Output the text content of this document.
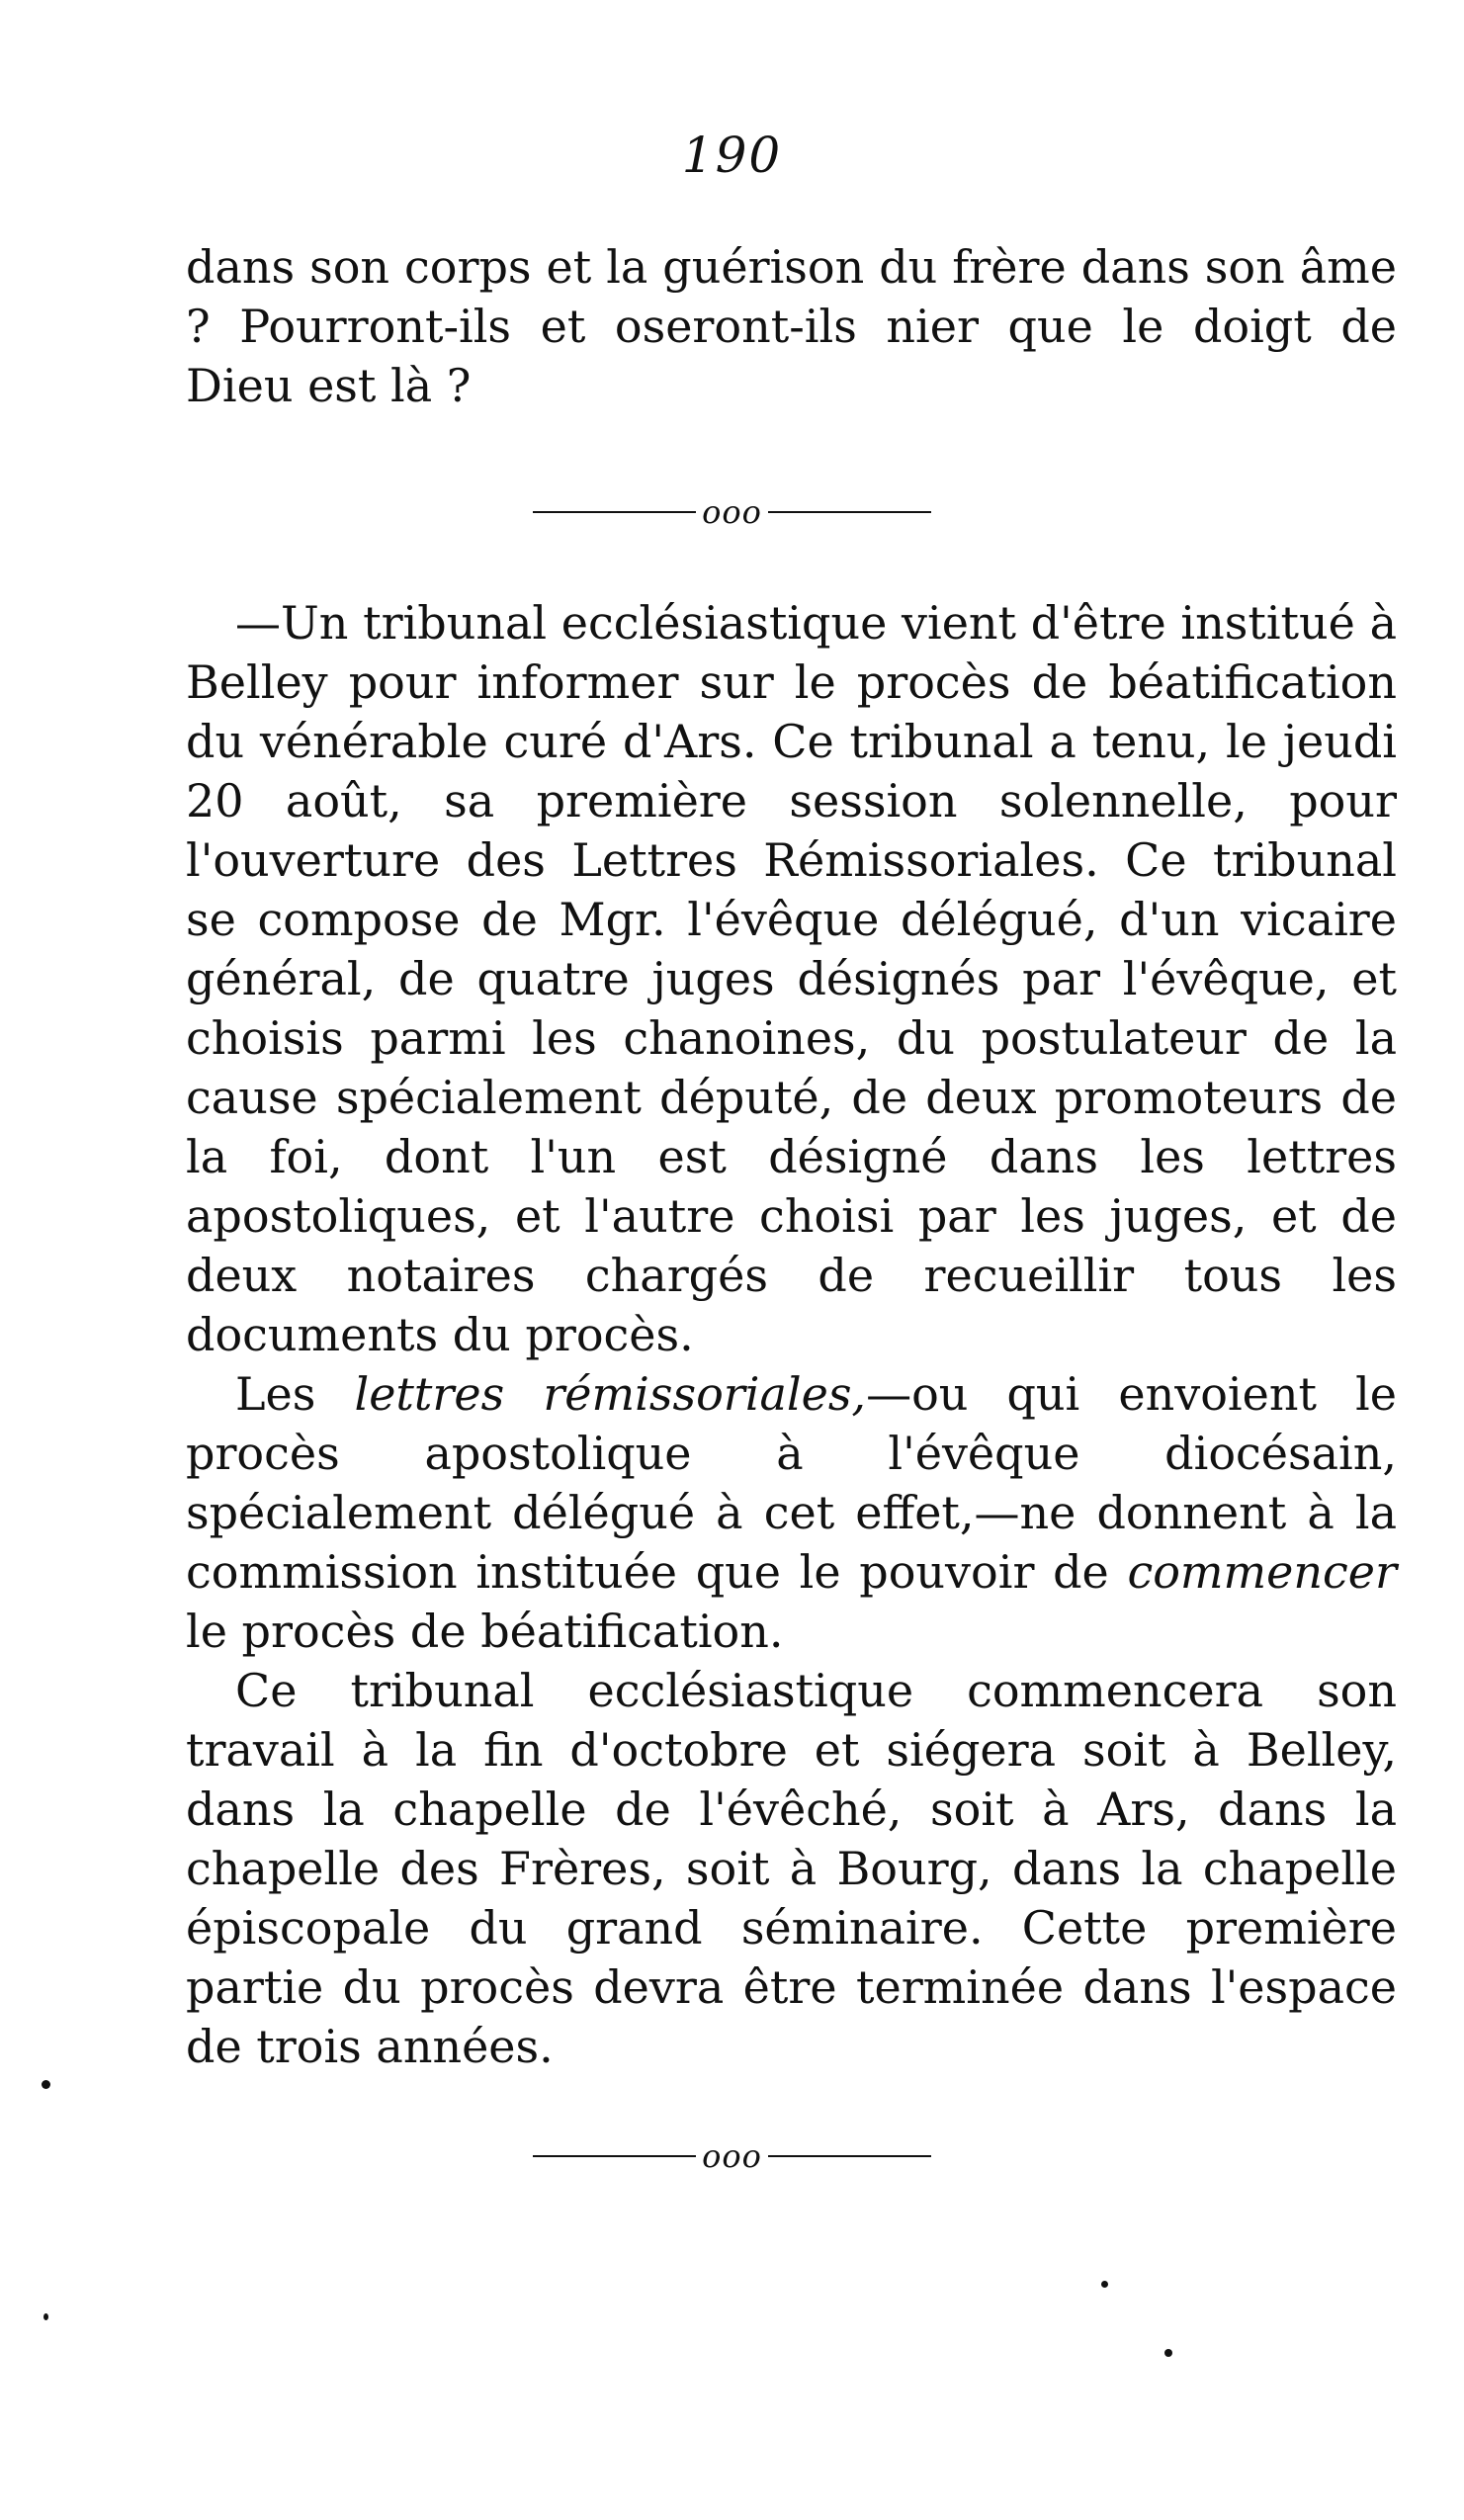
190

dans son corps et la guérison du frère dans son âme ? Pourront-ils et oseront-ils nier que le doigt de Dieu est là ?

ooo

—Un tribunal ecclésiastique vient d'être institué à Belley pour informer sur le procès de béatification du vénérable curé d'Ars. Ce tribunal a tenu, le jeudi 20 août, sa première session solennelle, pour l'ouverture des Lettres Rémissoriales. Ce tribunal se compose de Mgr. l'évêque délégué, d'un vicaire général, de quatre juges désignés par l'évêque, et choisis parmi les chanoines, du postulateur de la cause spécialement député, de deux promoteurs de la foi, dont l'un est désigné dans les lettres apostoliques, et l'autre choisi par les juges, et de deux notaires chargés de recueillir tous les documents du procès.

Les lettres rémissoriales,—ou qui envoient le procès apostolique à l'évêque diocésain, spécialement délégué à cet effet,—ne donnent à la commission instituée que le pouvoir de commencer le procès de béatification.

Ce tribunal ecclésiastique commencera son travail à la fin d'octobre et siégera soit à Belley, dans la chapelle de l'évêché, soit à Ars, dans la chapelle des Frères, soit à Bourg, dans la chapelle épiscopale du grand séminaire. Cette première partie du procès devra être terminée dans l'espace de trois années.

ooo
